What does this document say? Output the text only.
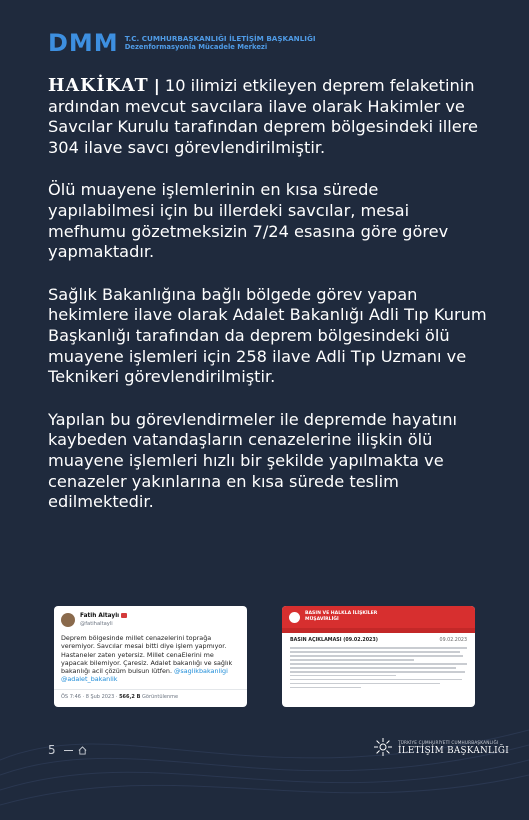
DMM T.C. CUMHURBAŞKANLIĞI İLETİŞİM BAŞKANLIĞI
Dezenformasyonla Mücadele Merkezi

HAKİKAT | 10 ilimizi etkileyen deprem felaketinin ardından mevcut savcılara ilave olarak Hakimler ve Savcılar Kurulu tarafından deprem bölgesindeki illere 304 ilave savcı görevlendirilmiştir.

Ölü muayene işlemlerinin en kısa sürede yapılabilmesi için bu illerdeki savcılar, mesai mefhumu gözetmeksizin 7/24 esasına göre görev yapmaktadır.

Sağlık Bakanlığına bağlı bölgede görev yapan hekimlere ilave olarak Adalet Bakanlığı Adli Tıp Kurum Başkanlığı tarafından da deprem bölgesindeki ölü muayene işlemleri için 258 ilave Adli Tıp Uzmanı ve Teknikeri görevlendirilmiştir.

Yapılan bu görevlendirmeler ile depremde hayatını kaybeden vatandaşların cenazelerine ilişkin ölü muayene işlemleri hızlı bir şekilde yapılmakta ve cenazeler yakınlarına en kısa sürede teslim edilmektedir.

Fatih Altaylı
@fatihaltayli
Deprem bölgesinde millet cenazelerini toprağa veremiyor. Savcılar mesai bitti diye işlem yapmıyor. Hastaneler zaten yetersiz. Millet cenaElerini me yapacak bilemiyor. Çaresiz. Adalet bakanlığı ve sağlık bakanlığı acil çözüm bulsun lütfen. @saglikbakanligi @adalet_bakanlik
ÖS 7:46 · 8 Şub 2023 · 566,2 B Görüntülenme
BASIN VE HALKLA İLİŞKİLER
MÜŞAVİRLİĞİ
BASIN AÇIKLAMASI (09.02.2023)	09.02.2023
5
TÜRKİYE CUMHURİYETİ CUMHURBAŞKANLIĞI
İLETİŞİM BAŞKANLIĞI
